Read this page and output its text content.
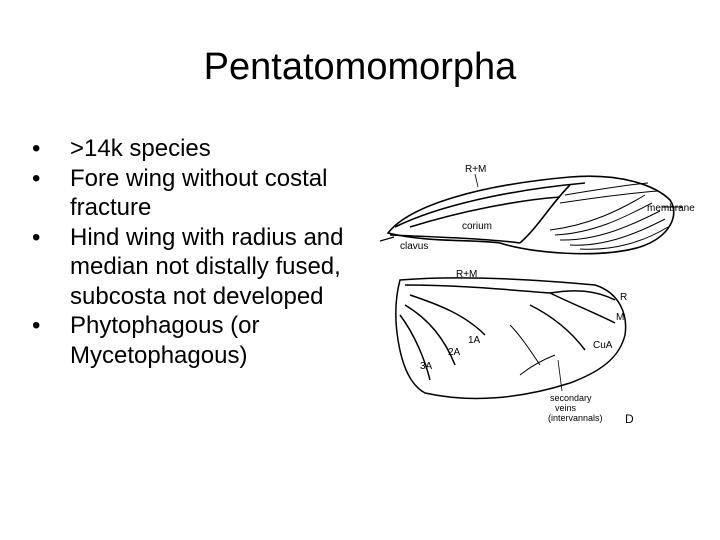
Pentatomomorpha
•	>14k species
•	Fore wing without costal fracture
•	Hind wing with radius and median not distally fused, subcosta not developed
•	Phytophagous (or Mycetophagous)
R+M
corium
membrane
clavus
R+M
R
M
CuA
1A
2A
3A
secondary
veins
(intervannals) D
